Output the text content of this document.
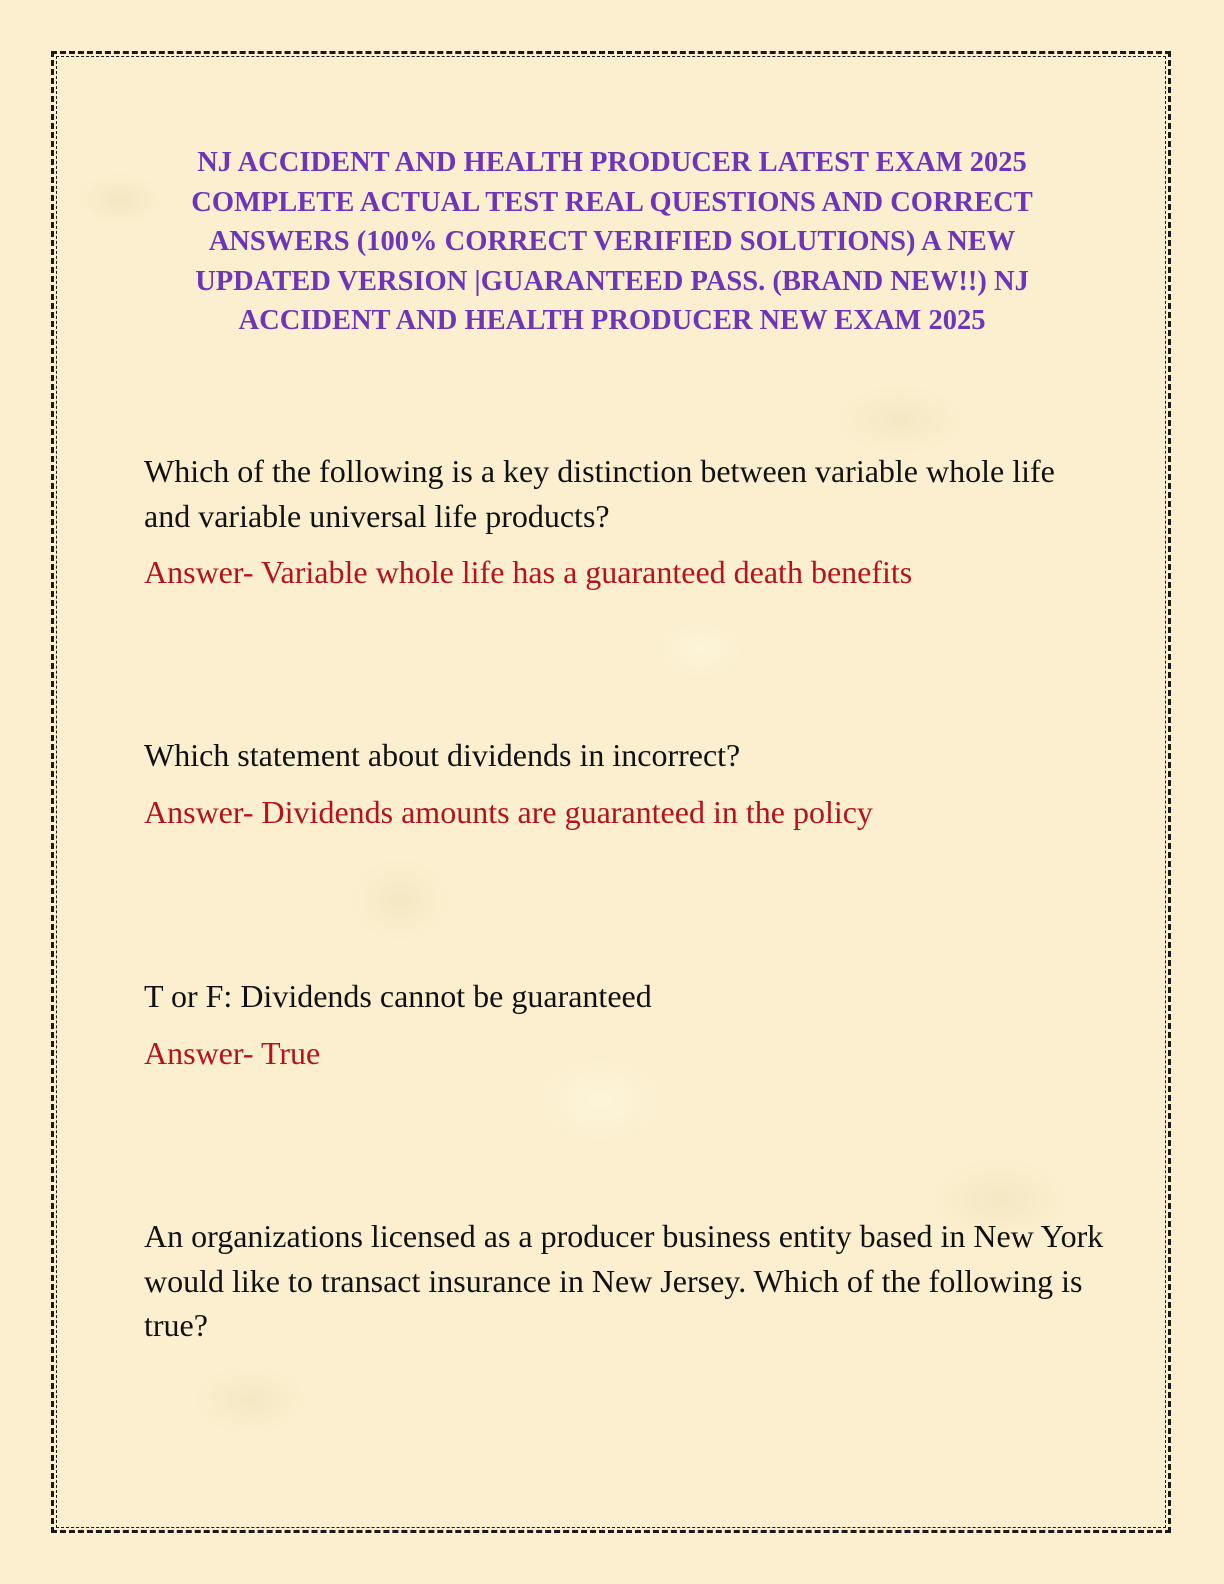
NJ ACCIDENT AND HEALTH PRODUCER LATEST EXAM 2025 COMPLETE ACTUAL TEST REAL QUESTIONS AND CORRECT ANSWERS (100% CORRECT VERIFIED SOLUTIONS) A NEW UPDATED VERSION |GUARANTEED PASS. (BRAND NEW!!) NJ ACCIDENT AND HEALTH PRODUCER NEW EXAM 2025

Which of the following is a key distinction between variable whole life and variable universal life products?

Answer- Variable whole life has a guaranteed death benefits

Which statement about dividends in incorrect?

Answer- Dividends amounts are guaranteed in the policy

T or F: Dividends cannot be guaranteed

Answer- True

An organizations licensed as a producer business entity based in New York would like to transact insurance in New Jersey. Which of the following is true?
